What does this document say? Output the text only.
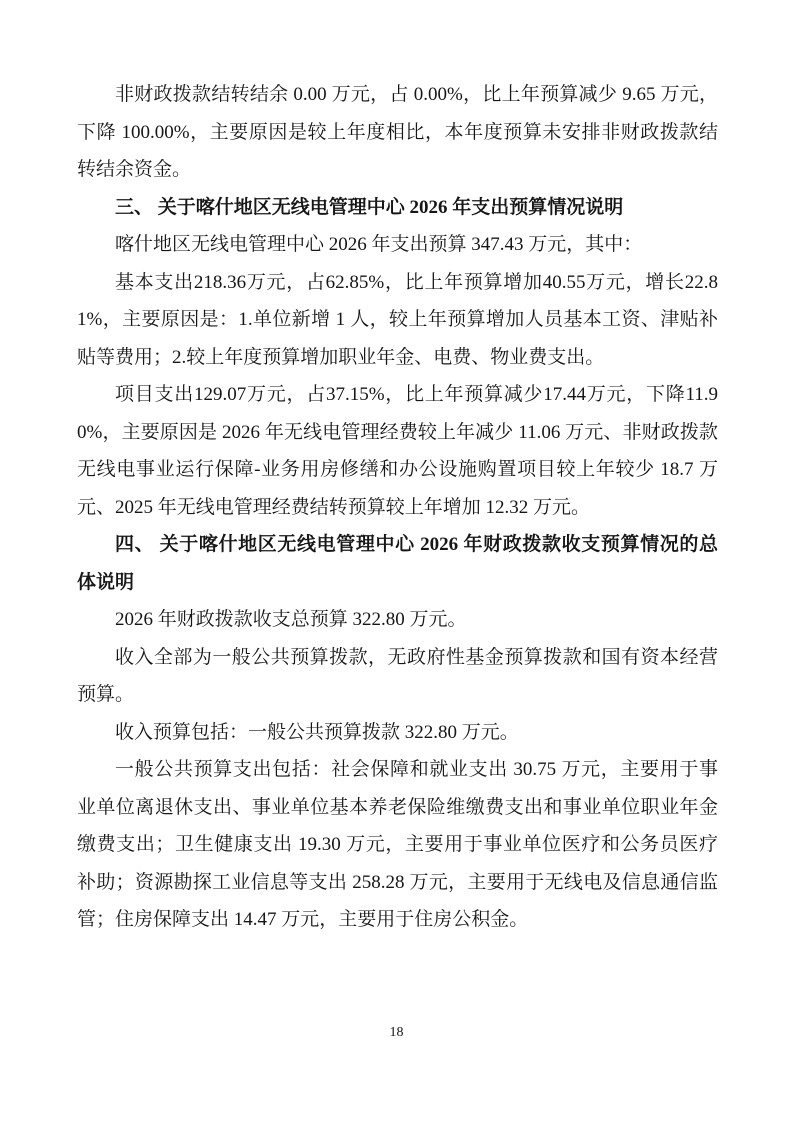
非财政拨款结转结余 0.00 万元，占 0.00%，比上年预算减少 9.65 万元，下降 100.00%，主要原因是较上年度相比，本年度预算未安排非财政拨款结转结余资金。

三、 关于喀什地区无线电管理中心 2026 年支出预算情况说明

喀什地区无线电管理中心 2026 年支出预算 347.43 万元，其中：

基本支出218.36万元，占62.85%，比上年预算增加40.55万元，增长22.81%，主要原因是：1.单位新增 1 人，较上年预算增加人员基本工资、津贴补贴等费用；2.较上年度预算增加职业年金、电费、物业费支出。

项目支出129.07万元，占37.15%，比上年预算减少17.44万元，下降11.90%，主要原因是 2026 年无线电管理经费较上年减少 11.06 万元、非财政拨款无线电事业运行保障-业务用房修缮和办公设施购置项目较上年较少 18.7 万元、2025 年无线电管理经费结转预算较上年增加 12.32 万元。

四、 关于喀什地区无线电管理中心 2026 年财政拨款收支预算情况的总体说明

2026 年财政拨款收支总预算 322.80 万元。

收入全部为一般公共预算拨款，无政府性基金预算拨款和国有资本经营预算。

收入预算包括：一般公共预算拨款 322.80 万元。

一般公共预算支出包括：社会保障和就业支出 30.75 万元，主要用于事业单位离退休支出、事业单位基本养老保险维缴费支出和事业单位职业年金缴费支出；卫生健康支出 19.30 万元，主要用于事业单位医疗和公务员医疗补助；资源勘探工业信息等支出 258.28 万元，主要用于无线电及信息通信监管；住房保障支出 14.47 万元，主要用于住房公积金。

18
